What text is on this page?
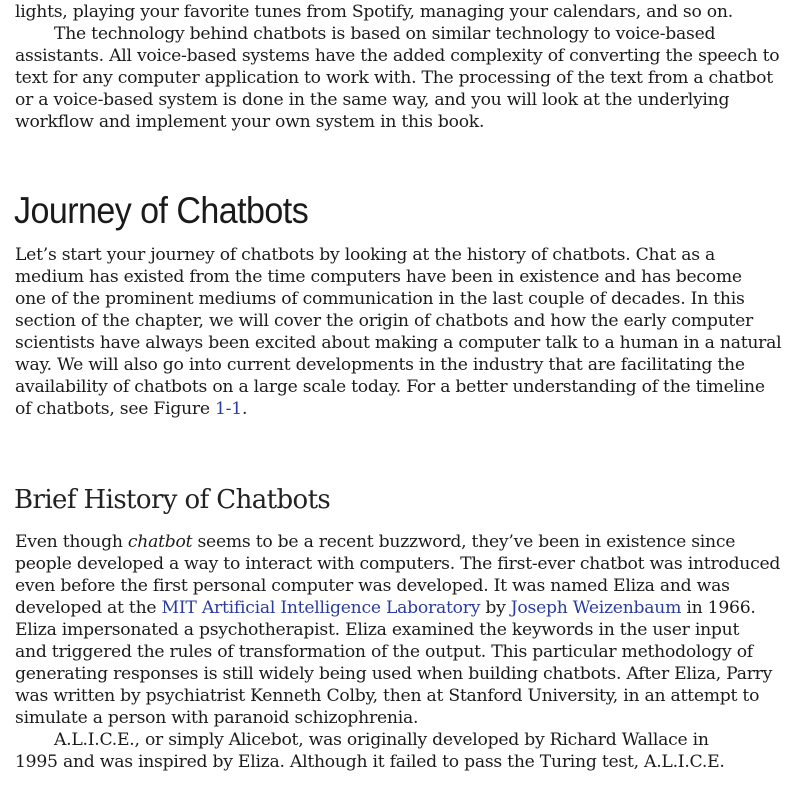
lights, playing your favorite tunes from Spotify, managing your calendars, and so on.
The technology behind chatbots is based on similar technology to voice-based
assistants. All voice-based systems have the added complexity of converting the speech to
text for any computer application to work with. The processing of the text from a chatbot
or a voice-based system is done in the same way, and you will look at the underlying
workflow and implement your own system in this book.
Journey of Chatbots
Let’s start your journey of chatbots by looking at the history of chatbots. Chat as a
medium has existed from the time computers have been in existence and has become
one of the prominent mediums of communication in the last couple of decades. In this
section of the chapter, we will cover the origin of chatbots and how the early computer
scientists have always been excited about making a computer talk to a human in a natural
way. We will also go into current developments in the industry that are facilitating the
availability of chatbots on a large scale today. For a better understanding of the timeline
of chatbots, see Figure 1-1.
Brief History of Chatbots
Even though chatbot seems to be a recent buzzword, they’ve been in existence since
people developed a way to interact with computers. The first-ever chatbot was introduced
even before the first personal computer was developed. It was named Eliza and was
developed at the MIT Artificial Intelligence Laboratory by Joseph Weizenbaum in 1966.
Eliza impersonated a psychotherapist. Eliza examined the keywords in the user input
and triggered the rules of transformation of the output. This particular methodology of
generating responses is still widely being used when building chatbots. After Eliza, Parry
was written by psychiatrist Kenneth Colby, then at Stanford University, in an attempt to
simulate a person with paranoid schizophrenia.
A.L.I.C.E., or simply Alicebot, was originally developed by Richard Wallace in
1995 and was inspired by Eliza. Although it failed to pass the Turing test, A.L.I.C.E.
